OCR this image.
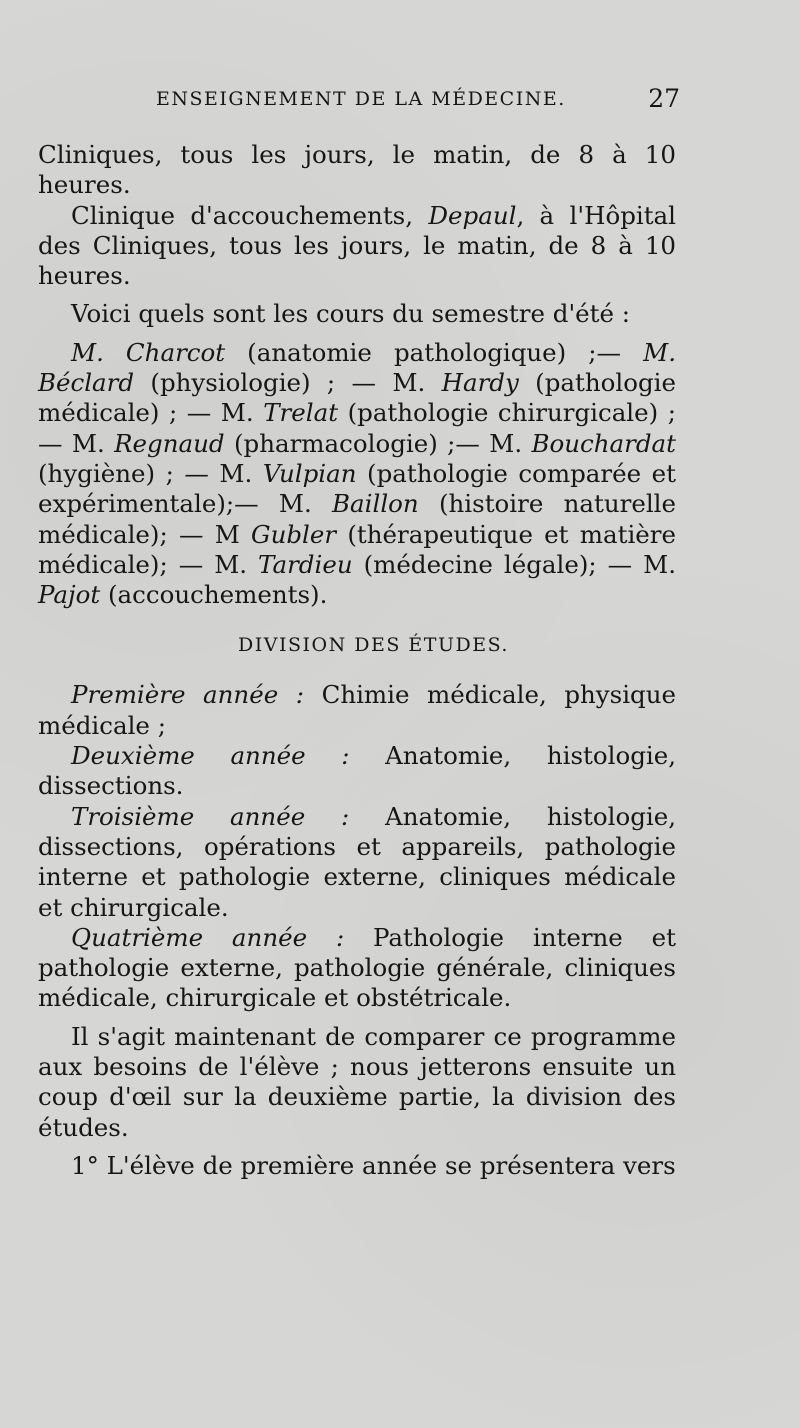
ENSEIGNEMENT DE LA MÉDECINE.	27

Cliniques, tous les jours, le matin, de 8 à 10 heures.

Clinique d'accouchements, Depaul, à l'Hôpital des Cliniques, tous les jours, le matin, de 8 à 10 heures.

Voici quels sont les cours du semestre d'été :

M. Charcot (anatomie pathologique) ;— M. Béclard (physiologie) ; — M. Hardy (pathologie médicale) ; — M. Trelat (pathologie chirurgicale) ; — M. Regnaud (pharmacologie) ;— M. Bouchardat (hygiène) ; — M. Vulpian (pathologie comparée et expérimentale);— M. Baillon (histoire naturelle médicale); — M Gubler (thérapeutique et matière médicale); — M. Tardieu (médecine légale); — M. Pajot (accouchements).

DIVISION DES ÉTUDES.

Première année : Chimie médicale, physique médicale ;

Deuxième année : Anatomie, histologie, dissections.

Troisième année : Anatomie, histologie, dissections, opérations et appareils, pathologie interne et pathologie externe, cliniques médicale et chirurgicale.

Quatrième année : Pathologie interne et pathologie externe, pathologie générale, cliniques médicale, chirurgicale et obstétricale.

Il s'agit maintenant de comparer ce programme aux besoins de l'élève ; nous jetterons ensuite un coup d'œil sur la deuxième partie, la division des études.

1° L'élève de première année se présentera vers
